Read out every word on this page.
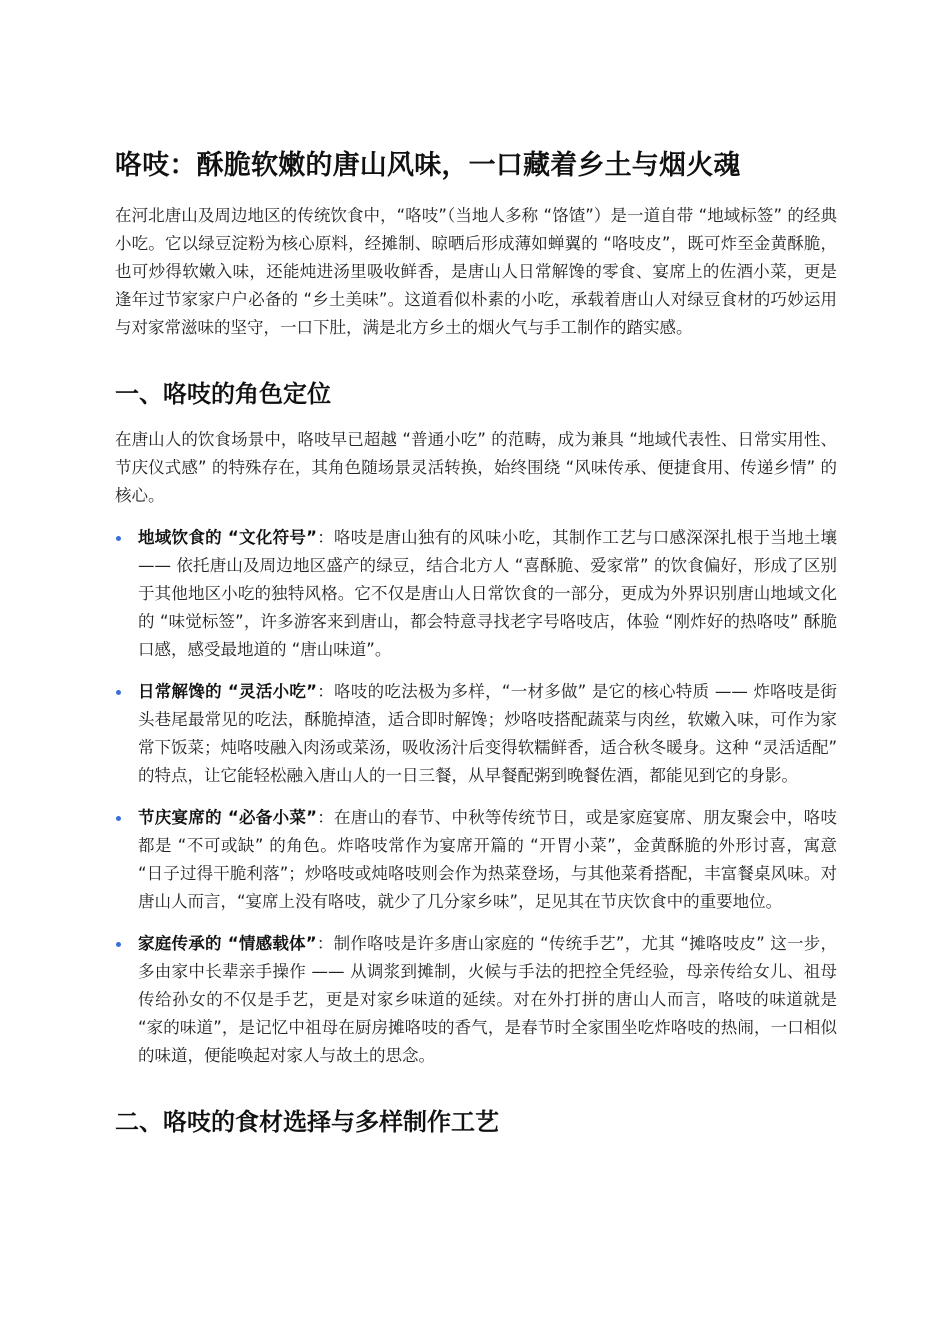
咯吱：酥脆软嫩的唐山风味，一口藏着乡土与烟火魂

在河北唐山及周边地区的传统饮食中，“咯吱”（当地人多称 “饹馇”）是一道自带 “地域标签” 的经典小吃。它以绿豆淀粉为核心原料，经摊制、晾晒后形成薄如蝉翼的 “咯吱皮”，既可炸至金黄酥脆，也可炒得软嫩入味，还能炖进汤里吸收鲜香，是唐山人日常解馋的零食、宴席上的佐酒小菜，更是逢年过节家家户户必备的 “乡土美味”。这道看似朴素的小吃，承载着唐山人对绿豆食材的巧妙运用与对家常滋味的坚守，一口下肚，满是北方乡土的烟火气与手工制作的踏实感。

一、咯吱的角色定位

在唐山人的饮食场景中，咯吱早已超越 “普通小吃” 的范畴，成为兼具 “地域代表性、日常实用性、节庆仪式感” 的特殊存在，其角色随场景灵活转换，始终围绕 “风味传承、便捷食用、传递乡情” 的核心。

地域饮食的 “文化符号”：咯吱是唐山独有的风味小吃，其制作工艺与口感深深扎根于当地土壤 —— 依托唐山及周边地区盛产的绿豆，结合北方人 “喜酥脆、爱家常” 的饮食偏好，形成了区别于其他地区小吃的独特风格。它不仅是唐山人日常饮食的一部分，更成为外界识别唐山地域文化的 “味觉标签”，许多游客来到唐山，都会特意寻找老字号咯吱店，体验 “刚炸好的热咯吱” 酥脆口感，感受最地道的 “唐山味道”。
日常解馋的 “灵活小吃”：咯吱的吃法极为多样，“一材多做” 是它的核心特质 —— 炸咯吱是街头巷尾最常见的吃法，酥脆掉渣，适合即时解馋；炒咯吱搭配蔬菜与肉丝，软嫩入味，可作为家常下饭菜；炖咯吱融入肉汤或菜汤，吸收汤汁后变得软糯鲜香，适合秋冬暖身。这种 “灵活适配” 的特点，让它能轻松融入唐山人的一日三餐，从早餐配粥到晚餐佐酒，都能见到它的身影。
节庆宴席的 “必备小菜”：在唐山的春节、中秋等传统节日，或是家庭宴席、朋友聚会中，咯吱都是 “不可或缺” 的角色。炸咯吱常作为宴席开篇的 “开胃小菜”，金黄酥脆的外形讨喜，寓意 “日子过得干脆利落”；炒咯吱或炖咯吱则会作为热菜登场，与其他菜肴搭配，丰富餐桌风味。对唐山人而言，“宴席上没有咯吱，就少了几分家乡味”，足见其在节庆饮食中的重要地位。
家庭传承的 “情感载体”：制作咯吱是许多唐山家庭的 “传统手艺”，尤其 “摊咯吱皮” 这一步，多由家中长辈亲手操作 —— 从调浆到摊制，火候与手法的把控全凭经验，母亲传给女儿、祖母传给孙女的不仅是手艺，更是对家乡味道的延续。对在外打拼的唐山人而言，咯吱的味道就是 “家的味道”，是记忆中祖母在厨房摊咯吱的香气，是春节时全家围坐吃炸咯吱的热闹，一口相似的味道，便能唤起对家人与故土的思念。
二、咯吱的食材选择与多样制作工艺
